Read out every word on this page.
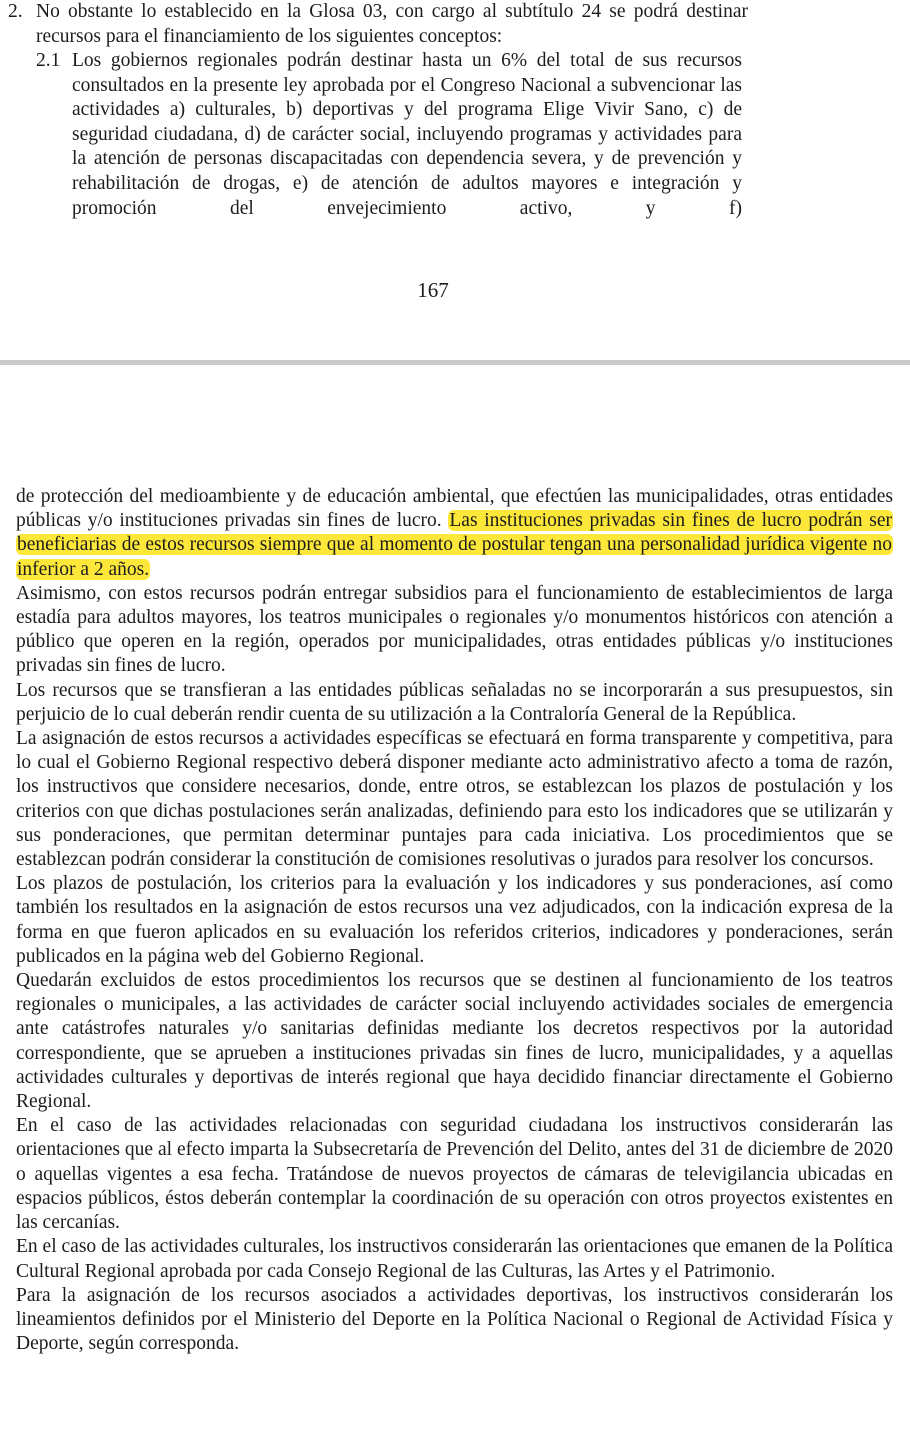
2. No obstante lo establecido en la Glosa 03, con cargo al subtítulo 24 se podrá destinar recursos para el financiamiento de los siguientes conceptos:
2.1 Los gobiernos regionales podrán destinar hasta un 6% del total de sus recursos consultados en la presente ley aprobada por el Congreso Nacional a subvencionar las actividades a) culturales, b) deportivas y del programa Elige Vivir Sano, c) de seguridad ciudadana, d) de carácter social, incluyendo programas y actividades para la atención de personas discapacitadas con dependencia severa, y de prevención y rehabilitación de drogas, e) de atención de adultos mayores e integración y promoción del envejecimiento activo, y f)
167

de protección del medioambiente y de educación ambiental, que efectúen las municipalidades, otras entidades públicas y/o instituciones privadas sin fines de lucro. Las instituciones privadas sin fines de lucro podrán ser beneficiarias de estos recursos siempre que al momento de postular tengan una personalidad jurídica vigente no inferior a 2 años.

Asimismo, con estos recursos podrán entregar subsidios para el funcionamiento de establecimientos de larga estadía para adultos mayores, los teatros municipales o regionales y/o monumentos históricos con atención a público que operen en la región, operados por municipalidades, otras entidades públicas y/o instituciones privadas sin fines de lucro.

Los recursos que se transfieran a las entidades públicas señaladas no se incorporarán a sus presupuestos, sin perjuicio de lo cual deberán rendir cuenta de su utilización a la Contraloría General de la República.

La asignación de estos recursos a actividades específicas se efectuará en forma transparente y competitiva, para lo cual el Gobierno Regional respectivo deberá disponer mediante acto administrativo afecto a toma de razón, los instructivos que considere necesarios, donde, entre otros, se establezcan los plazos de postulación y los criterios con que dichas postulaciones serán analizadas, definiendo para esto los indicadores que se utilizarán y sus ponderaciones, que permitan determinar puntajes para cada iniciativa. Los procedimientos que se establezcan podrán considerar la constitución de comisiones resolutivas o jurados para resolver los concursos.

Los plazos de postulación, los criterios para la evaluación y los indicadores y sus ponderaciones, así como también los resultados en la asignación de estos recursos una vez adjudicados, con la indicación expresa de la forma en que fueron aplicados en su evaluación los referidos criterios, indicadores y ponderaciones, serán publicados en la página web del Gobierno Regional.

Quedarán excluidos de estos procedimientos los recursos que se destinen al funcionamiento de los teatros regionales o municipales, a las actividades de carácter social incluyendo actividades sociales de emergencia ante catástrofes naturales y/o sanitarias definidas mediante los decretos respectivos por la autoridad correspondiente, que se aprueben a instituciones privadas sin fines de lucro, municipalidades, y a aquellas actividades culturales y deportivas de interés regional que haya decidido financiar directamente el Gobierno Regional.

En el caso de las actividades relacionadas con seguridad ciudadana los instructivos considerarán las orientaciones que al efecto imparta la Subsecretaría de Prevención del Delito, antes del 31 de diciembre de 2020 o aquellas vigentes a esa fecha. Tratándose de nuevos proyectos de cámaras de televigilancia ubicadas en espacios públicos, éstos deberán contemplar la coordinación de su operación con otros proyectos existentes en las cercanías.

En el caso de las actividades culturales, los instructivos considerarán las orientaciones que emanen de la Política Cultural Regional aprobada por cada Consejo Regional de las Culturas, las Artes y el Patrimonio.

Para la asignación de los recursos asociados a actividades deportivas, los instructivos considerarán los lineamientos definidos por el Ministerio del Deporte en la Política Nacional o Regional de Actividad Física y Deporte, según corresponda.
